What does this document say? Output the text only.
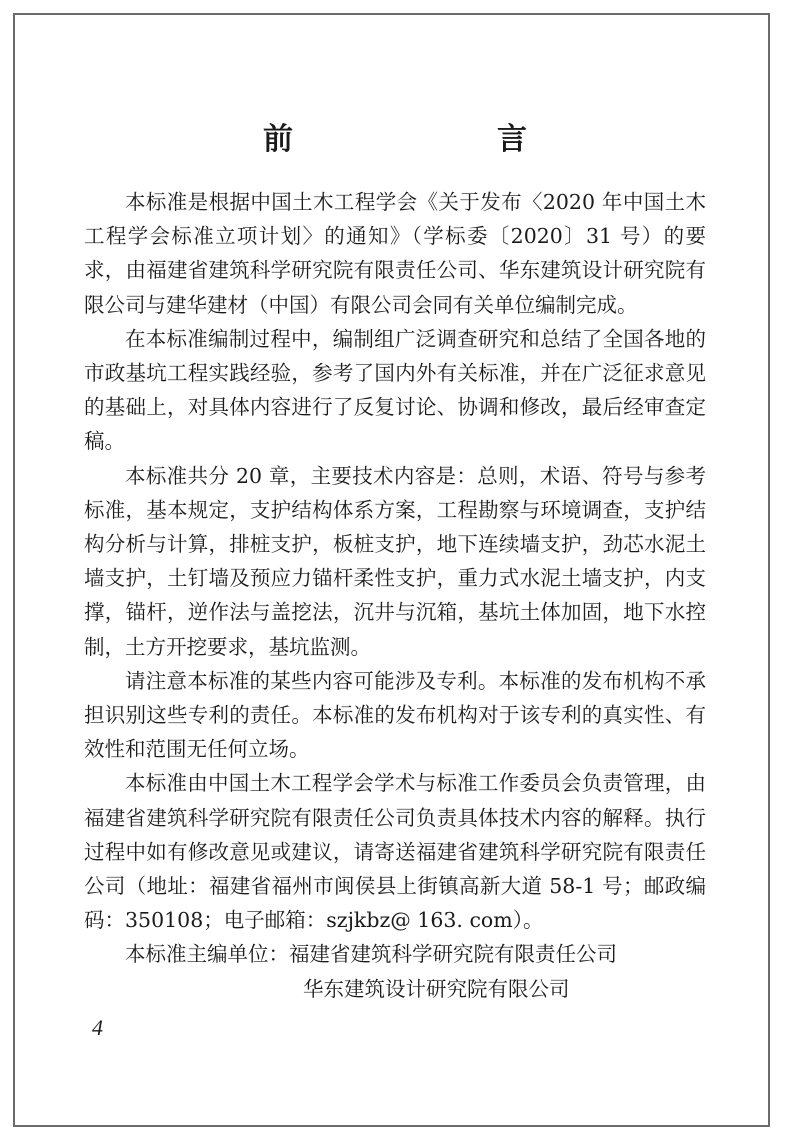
前　　言

本标准是根据中国土木工程学会《关于发布〈2020 年中国土木工程学会标准立项计划〉的通知》（学标委〔2020〕31 号）的要求，由福建省建筑科学研究院有限责任公司、华东建筑设计研究院有限公司与建华建材（中国）有限公司会同有关单位编制完成。

在本标准编制过程中，编制组广泛调查研究和总结了全国各地的市政基坑工程实践经验，参考了国内外有关标准，并在广泛征求意见的基础上，对具体内容进行了反复讨论、协调和修改，最后经审查定稿。

本标准共分 20 章，主要技术内容是：总则，术语、符号与参考标准，基本规定，支护结构体系方案，工程勘察与环境调查，支护结构分析与计算，排桩支护，板桩支护，地下连续墙支护，劲芯水泥土墙支护，土钉墙及预应力锚杆柔性支护，重力式水泥土墙支护，内支撑，锚杆，逆作法与盖挖法，沉井与沉箱，基坑土体加固，地下水控制，土方开挖要求，基坑监测。

请注意本标准的某些内容可能涉及专利。本标准的发布机构不承担识别这些专利的责任。本标准的发布机构对于该专利的真实性、有效性和范围无任何立场。

本标准由中国土木工程学会学术与标准工作委员会负责管理，由福建省建筑科学研究院有限责任公司负责具体技术内容的解释。执行过程中如有修改意见或建议，请寄送福建省建筑科学研究院有限责任公司（地址：福建省福州市闽侯县上街镇高新大道 58-1 号；邮政编码：350108；电子邮箱：szjkbz@ 163. com）。

本标准主编单位：福建省建筑科学研究院有限责任公司
华东建筑设计研究院有限公司

4
